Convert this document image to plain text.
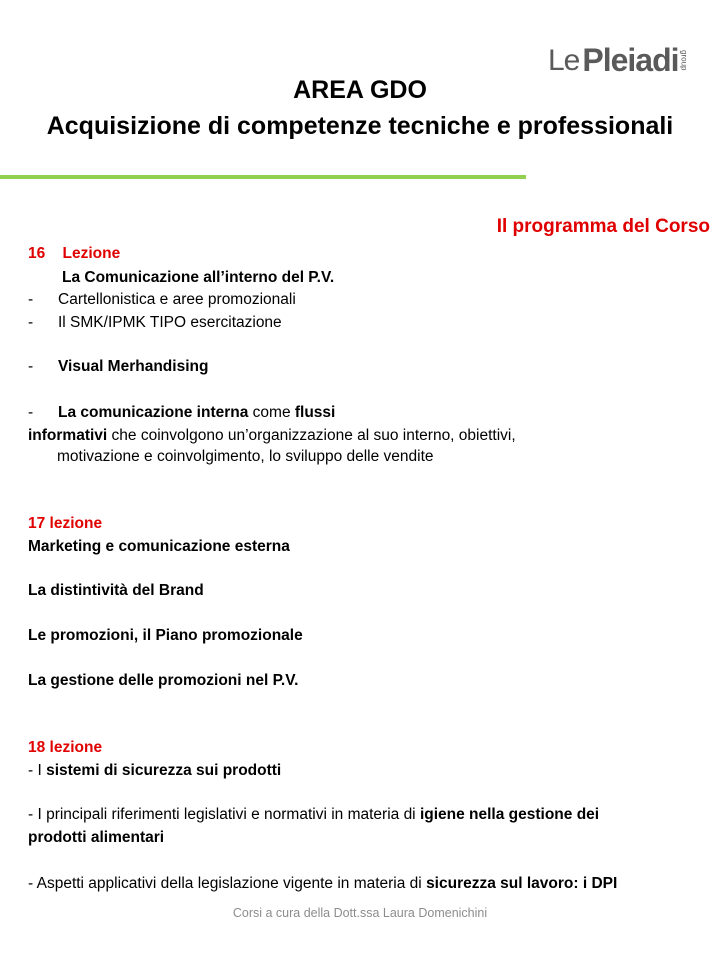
Le Pleiadi group
AREA GDO
Acquisizione di competenze tecniche e professionali
Il programma del Corso
16 Lezione
La Comunicazione all’interno del P.V.
- Cartellonistica e aree promozionali
- Il SMK/IPMK TIPO esercitazione
- Visual Merhandising
- La comunicazione interna come flussi
informativi che coinvolgono un’organizzazione al suo interno, obiettivi,
motivazione e coinvolgimento, lo sviluppo delle vendite
17 lezione
Marketing e comunicazione esterna
La distintività del Brand
Le promozioni, il Piano promozionale
La gestione delle promozioni nel P.V.
18 lezione
- I sistemi di sicurezza sui prodotti
- I principali riferimenti legislativi e normativi in materia di igiene nella gestione dei
prodotti alimentari
- Aspetti applicativi della legislazione vigente in materia di sicurezza sul lavoro: i DPI
Corsi a cura della Dott.ssa Laura Domenichini
